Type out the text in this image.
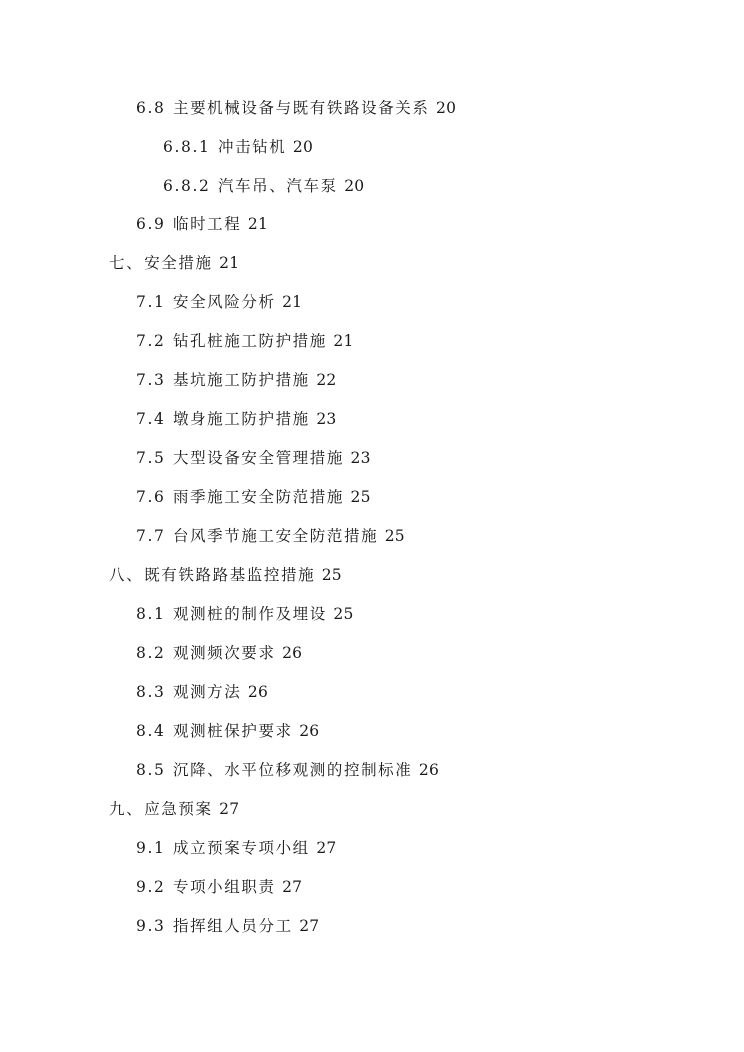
6.8 主要机械设备与既有铁路设备关系 20
6.8.1 冲击钻机 20
6.8.2 汽车吊、汽车泵 20
6.9 临时工程 21
七、安全措施 21
7.1 安全风险分析 21
7.2 钻孔桩施工防护措施 21
7.3 基坑施工防护措施 22
7.4 墩身施工防护措施 23
7.5 大型设备安全管理措施 23
7.6 雨季施工安全防范措施 25
7.7 台风季节施工安全防范措施 25
八、既有铁路路基监控措施 25
8.1 观测桩的制作及埋设 25
8.2 观测频次要求 26
8.3 观测方法 26
8.4 观测桩保护要求 26
8.5 沉降、水平位移观测的控制标准 26
九、应急预案 27
9.1 成立预案专项小组 27
9.2 专项小组职责 27
9.3 指挥组人员分工 27
